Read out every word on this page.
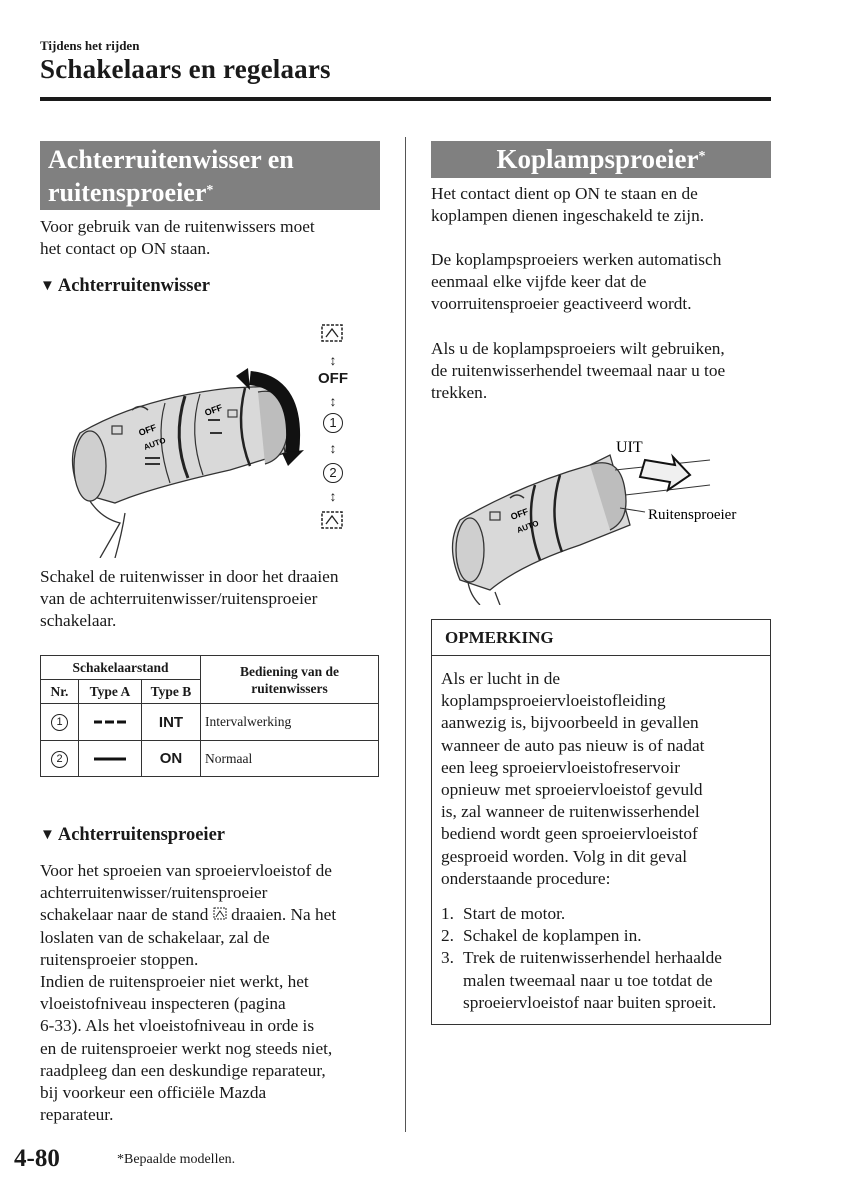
Tijdens het rijden
Schakelaars en regelaars
Achterruitenwisser en
ruitensproeier*
Voor gebruik van de ruitenwissers moet
het contact op ON staan.
▼ Achterruitenwisser
OFF
AUTO
OFF
↕
OFF
↕
1
↕
2
↕
Schakel de ruitenwisser in door het draaien
van de achterruitenwisser/ruitensproeier
schakelaar.
Schakelaarstand			Bediening van de ruitenwissers
Nr.	Type A	Type B	
1		INT	Intervalwerking
2		ON	Normaal
▼ Achterruitensproeier
Voor het sproeien van sproeiervloeistof de
achterruitenwisser/ruitensproeier
schakelaar naar de stand draaien. Na het
loslaten van de schakelaar, zal de
ruitensproeier stoppen.
Indien de ruitensproeier niet werkt, het
vloeistofniveau inspecteren (pagina
6-33). Als het vloeistofniveau in orde is
en de ruitensproeier werkt nog steeds niet,
raadpleeg dan een deskundige reparateur,
bij voorkeur een officiële Mazda
reparateur.
Koplampsproeier*
Het contact dient op ON te staan en de
koplampen dienen ingeschakeld te zijn.
De koplampsproeiers werken automatisch
eenmaal elke vijfde keer dat de
voorruitensproeier geactiveerd wordt.
Als u de koplampsproeiers wilt gebruiken,
de ruitenwisserhendel tweemaal naar u toe
trekken.
OFF
AUTO
UIT
Ruitensproeier
OPMERKING
Als er lucht in de
koplampsproeiervloeistofleiding
aanwezig is, bijvoorbeeld in gevallen
wanneer de auto pas nieuw is of nadat
een leeg sproeiervloeistofreservoir
opnieuw met sproeiervloeistof gevuld
is, zal wanneer de ruitenwisserhendel
bediend wordt geen sproeiervloeistof
gesproeid worden. Volg in dit geval
onderstaande procedure:
1. Start de motor.
2. Schakel de koplampen in.
3. Trek de ruitenwisserhendel herhaalde
malen tweemaal naar u toe totdat de
sproeiervloeistof naar buiten sproeit.
4-80	*Bepaalde modellen.
